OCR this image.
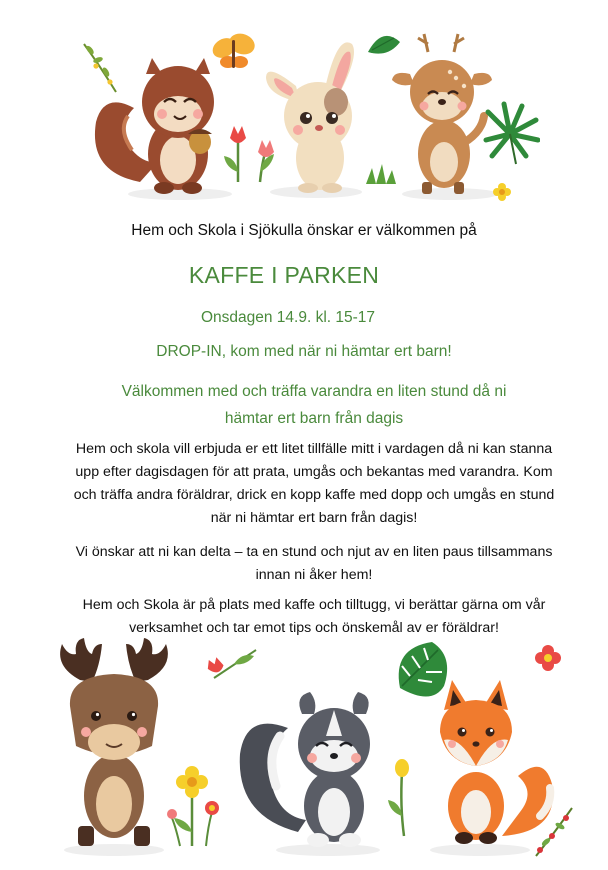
Hem och Skola i Sjökulla önskar er välkommen på
KAFFE I PARKEN
Onsdagen 14.9. kl. 15-17
DROP-IN, kom med när ni hämtar ert barn!
Välkommen med och träffa varandra en liten stund då ni hämtar ert barn från dagis
Hem och skola vill erbjuda er ett litet tillfälle mitt i vardagen då ni kan stanna upp efter dagisdagen för att prata, umgås och bekantas med varandra. Kom och träffa andra föräldrar, drick en kopp kaffe med dopp och umgås en stund när ni hämtar ert barn från dagis!
Vi önskar att ni kan delta – ta en stund och njut av en liten paus tillsammans innan ni åker hem!
Hem och Skola är på plats med kaffe och tilltugg, vi berättar gärna om vår verksamhet och tar emot tips och önskemål av er föräldrar!
